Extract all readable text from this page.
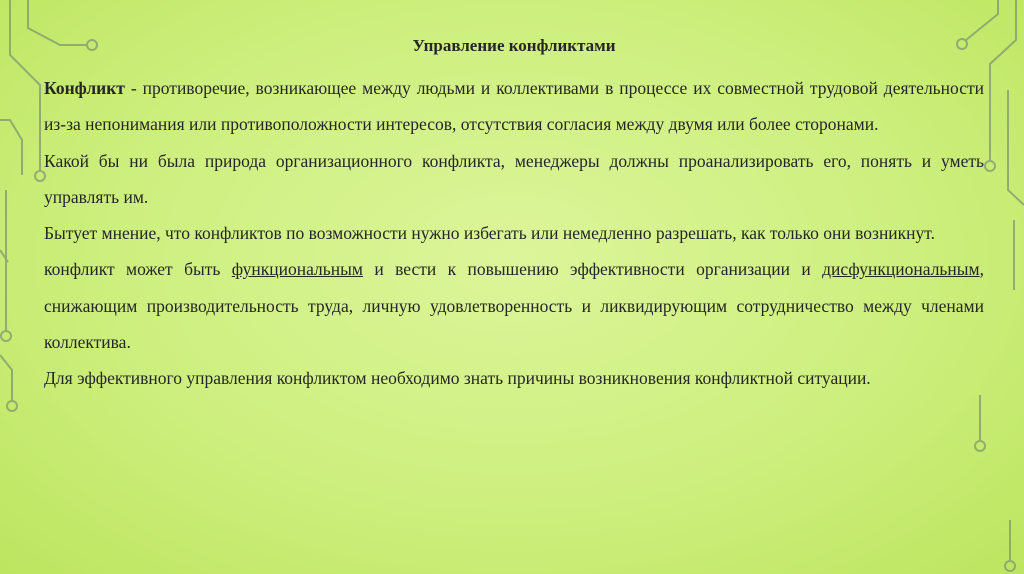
Управление конфликтами

Конфликт - противоречие, возникающее между людьми и коллективами в процессе их совместной трудовой деятельности из-за непонимания или противоположности интересов, отсутствия согласия между двумя или более сторонами.

Какой бы ни была природа организационного конфликта, менеджеры должны проанализировать его, понять и уметь управлять им.

Бытует мнение, что конфликтов по возможности нужно избегать или немедленно разрешать, как только они возникнут.

конфликт может быть функциональным и вести к повышению эффективности организации и дисфункциональным, снижающим производительность труда, личную удовлетворенность и ликвидирующим сотрудничество между членами коллектива.

Для эффективного управления конфликтом необходимо знать причины возникновения конфликтной ситуации.
